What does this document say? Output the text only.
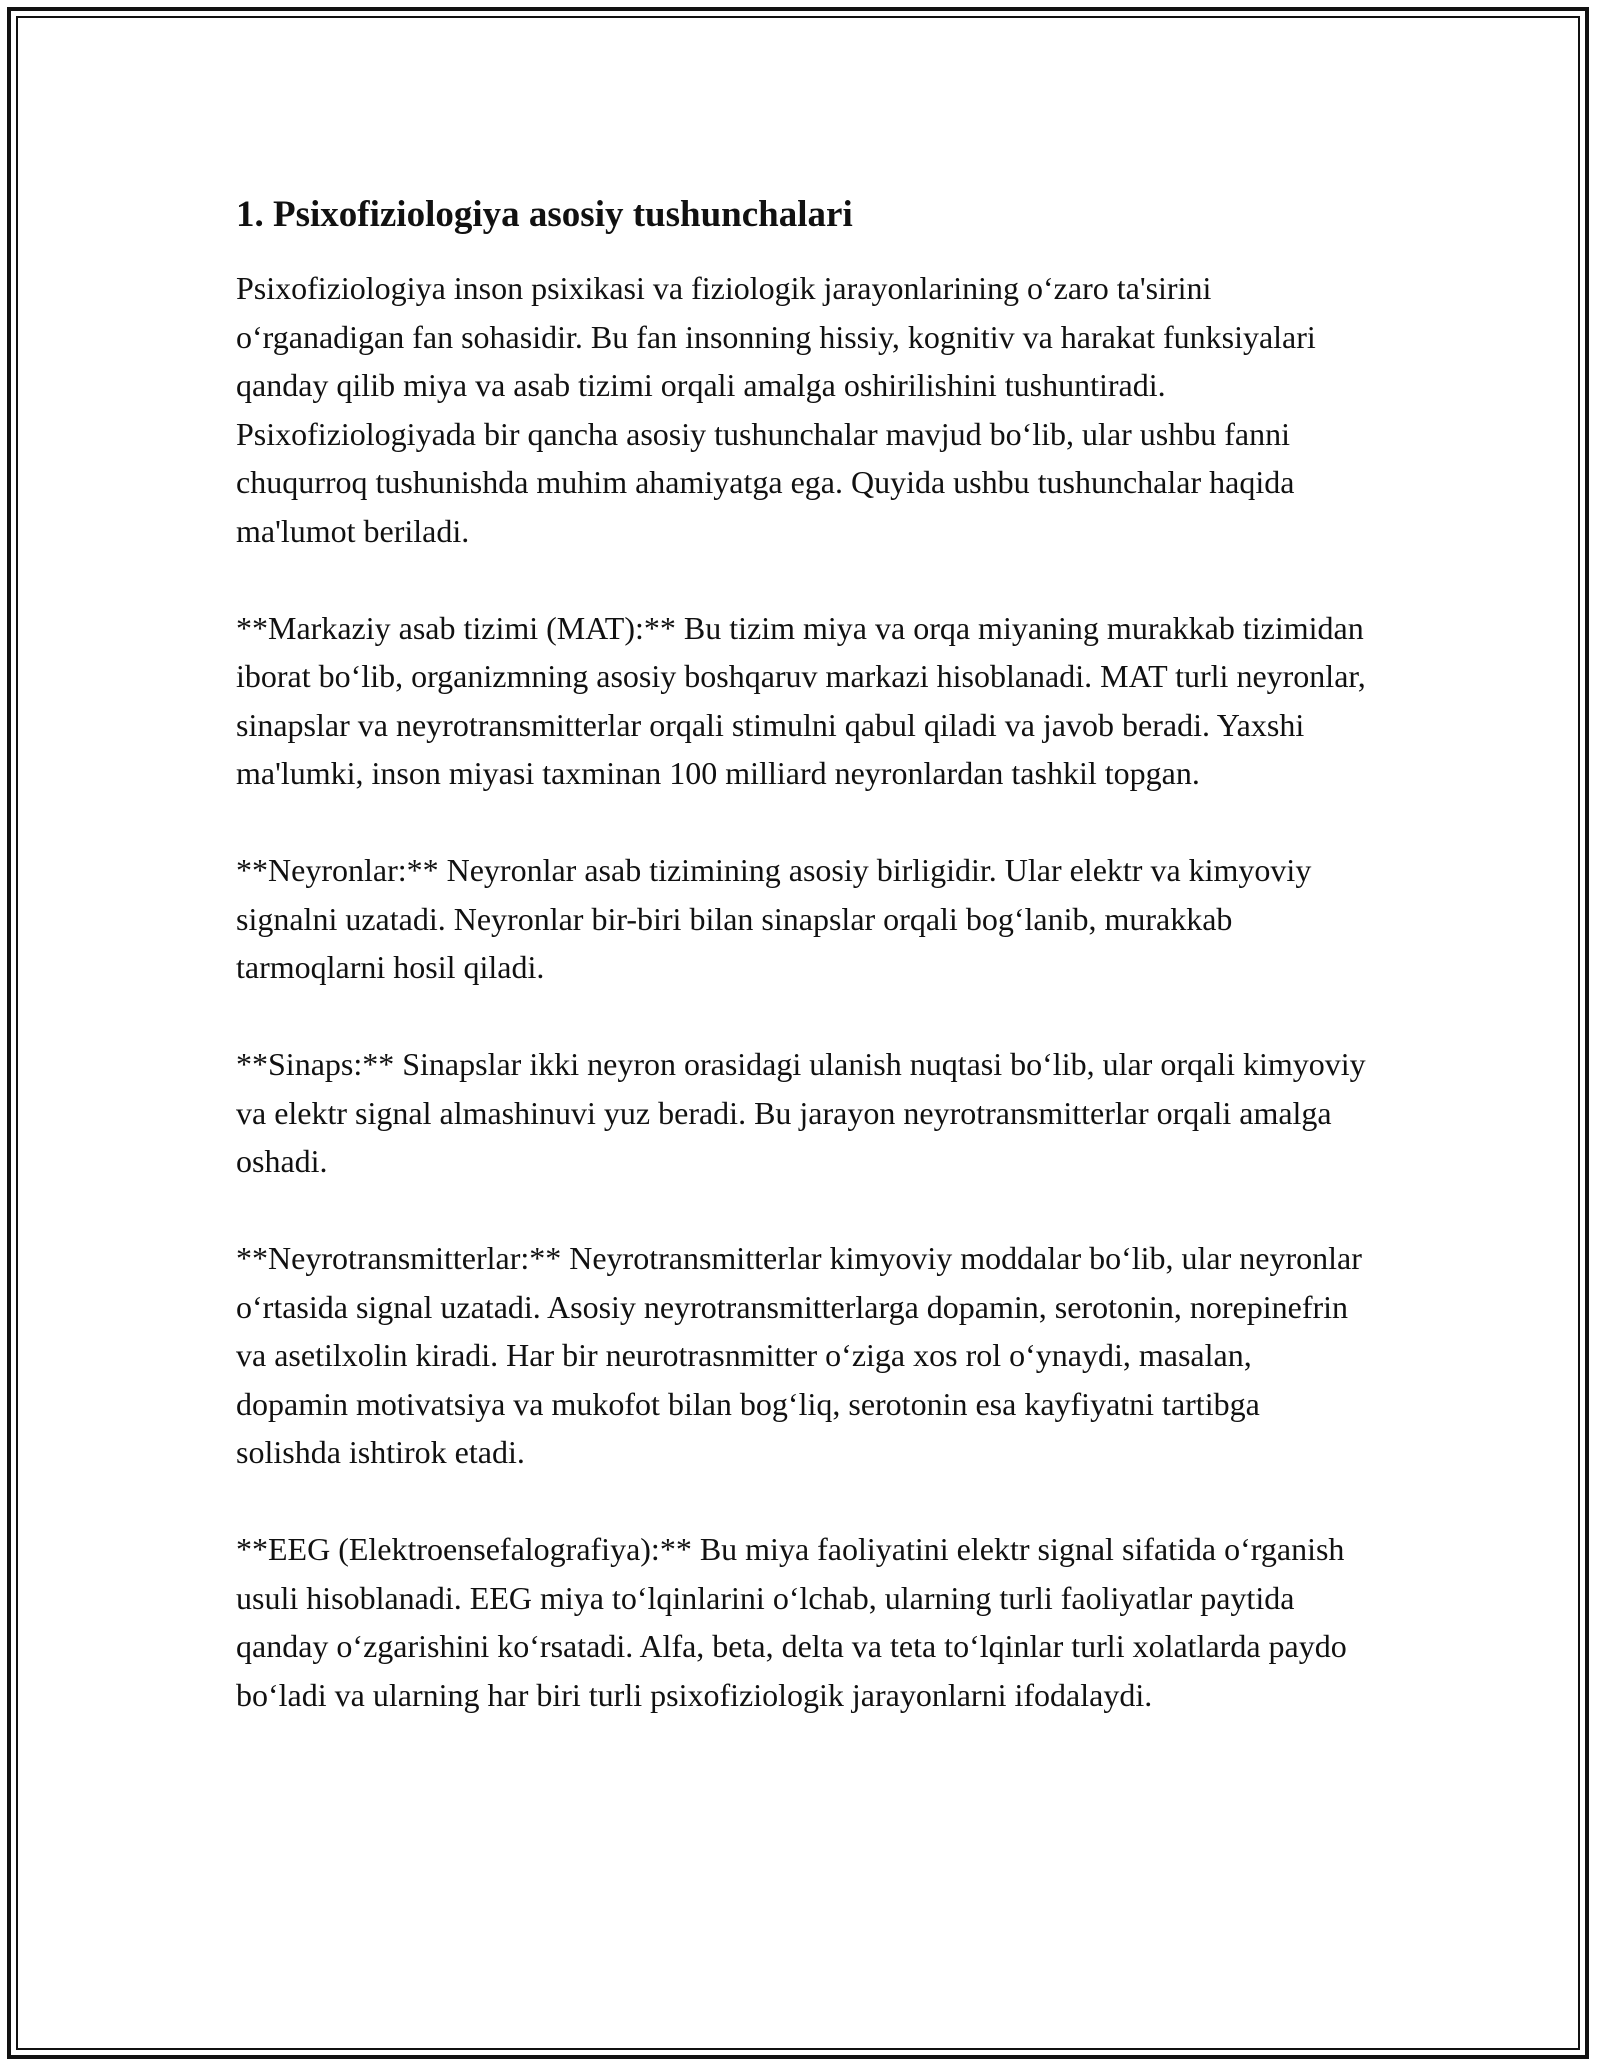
1. Psixofiziologiya asosiy tushunchalari

Psixofiziologiya inson psixikasi va fiziologik jarayonlarining o‘zaro ta'sirini o‘rganadigan fan sohasidir. Bu fan insonning hissiy, kognitiv va harakat funksiyalari qanday qilib miya va asab tizimi orqali amalga oshirilishini tushuntiradi. Psixofiziologiyada bir qancha asosiy tushunchalar mavjud bo‘lib, ular ushbu fanni chuqurroq tushunishda muhim ahamiyatga ega. Quyida ushbu tushunchalar haqida ma'lumot beriladi.

**Markaziy asab tizimi (MAT):** Bu tizim miya va orqa miyaning murakkab tizimidan iborat bo‘lib, organizmning asosiy boshqaruv markazi hisoblanadi. MAT turli neyronlar, sinapslar va neyrotransmitterlar orqali stimulni qabul qiladi va javob beradi. Yaxshi ma'lumki, inson miyasi taxminan 100 milliard neyronlardan tashkil topgan.

**Neyronlar:** Neyronlar asab tizimining asosiy birligidir. Ular elektr va kimyoviy signalni uzatadi. Neyronlar bir-biri bilan sinapslar orqali bog‘lanib, murakkab tarmoqlarni hosil qiladi.

**Sinaps:** Sinapslar ikki neyron orasidagi ulanish nuqtasi bo‘lib, ular orqali kimyoviy va elektr signal almashinuvi yuz beradi. Bu jarayon neyrotransmitterlar orqali amalga oshadi.

**Neyrotransmitterlar:** Neyrotransmitterlar kimyoviy moddalar bo‘lib, ular neyronlar o‘rtasida signal uzatadi. Asosiy neyrotransmitterlarga dopamin, serotonin, norepinefrin va asetilxolin kiradi. Har bir neurotrasnmitter o‘ziga xos rol o‘ynaydi, masalan, dopamin motivatsiya va mukofot bilan bog‘liq, serotonin esa kayfiyatni tartibga solishda ishtirok etadi.

**EEG (Elektroensefalografiya):** Bu miya faoliyatini elektr signal sifatida o‘rganish usuli hisoblanadi. EEG miya to‘lqinlarini o‘lchab, ularning turli faoliyatlar paytida qanday o‘zgarishini ko‘rsatadi. Alfa, beta, delta va teta to‘lqinlar turli xolatlarda paydo bo‘ladi va ularning har biri turli psixofiziologik jarayonlarni ifodalaydi.
